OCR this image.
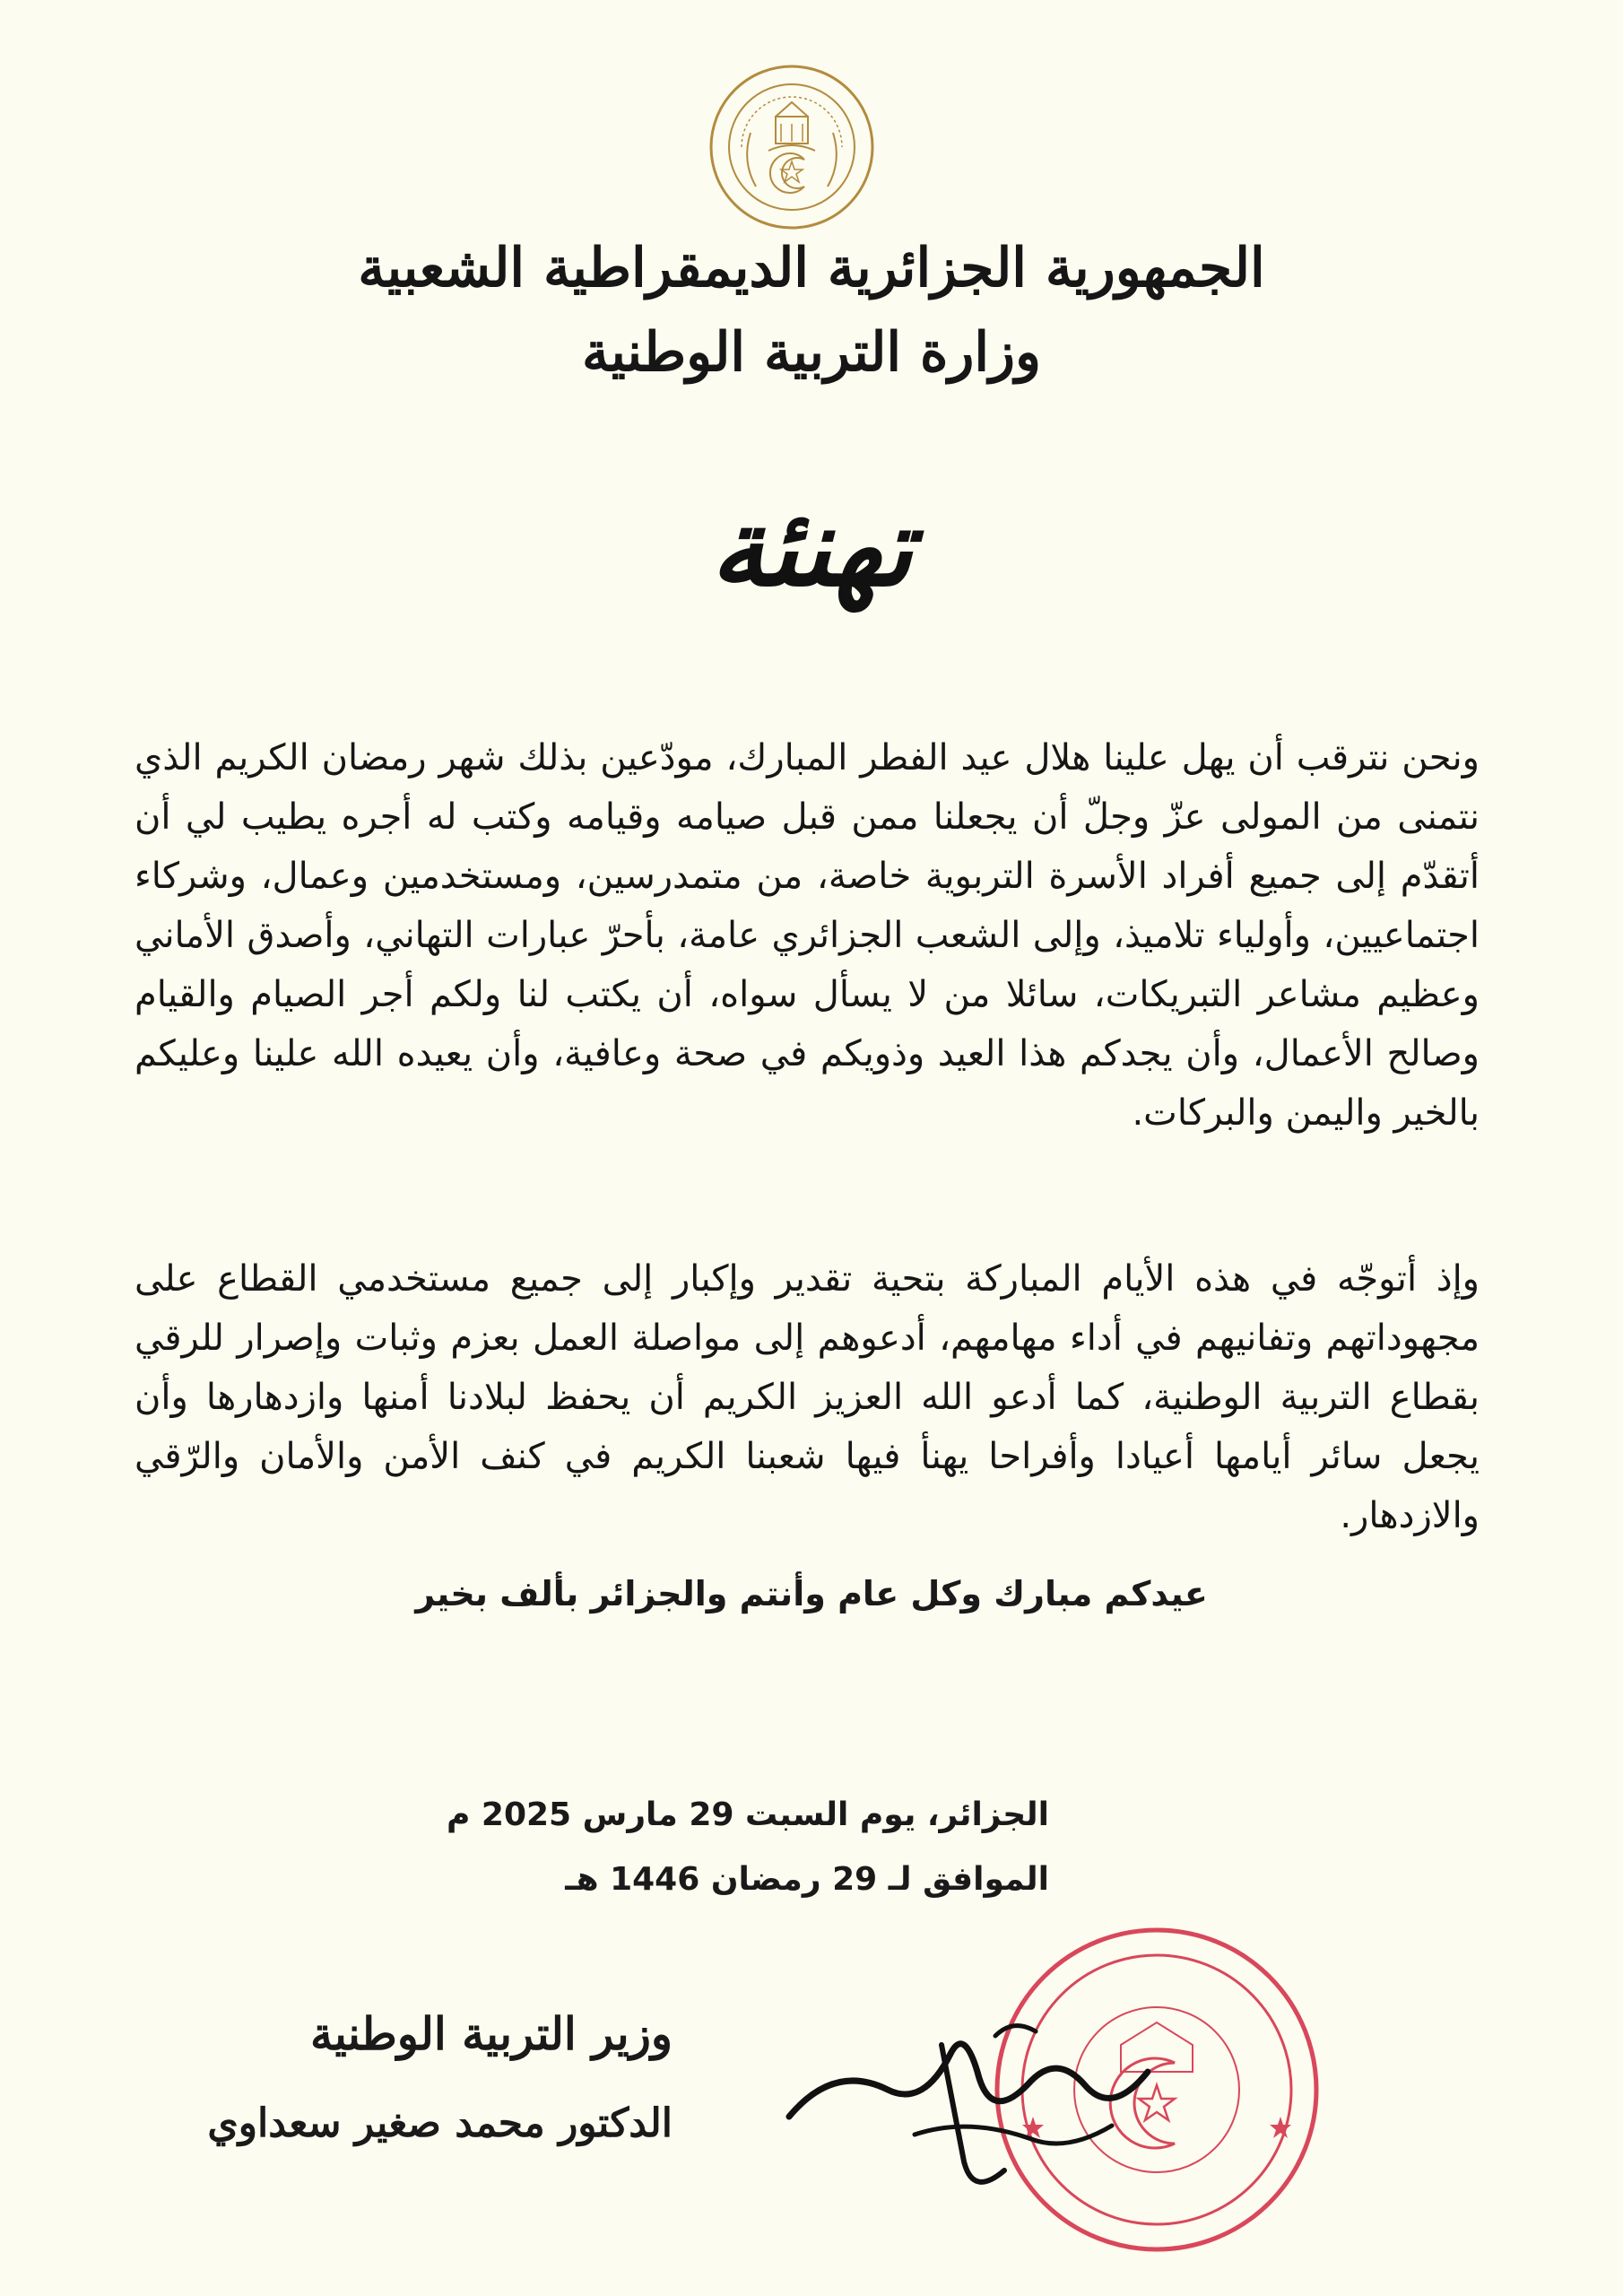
الجمهورية الجزائرية الديمقراطية الشعبية
وزارة التربية الوطنية
تهنئة
ونحن نترقب أن يهل علينا هلال عيد الفطر المبارك، مودّعين بذلك شهر رمضان الكريم الذي نتمنى من المولى عزّ وجلّ أن يجعلنا ممن قبل صيامه وقيامه وكتب له أجره يطيب لي أن أتقدّم إلى جميع أفراد الأسرة التربوية خاصة، من متمدرسين، ومستخدمين وعمال، وشركاء اجتماعيين، وأولياء تلاميذ، وإلى الشعب الجزائري عامة، بأحرّ عبارات التهاني، وأصدق الأماني وعظيم مشاعر التبريكات، سائلا من لا يسأل سواه، أن يكتب لنا ولكم أجر الصيام والقيام وصالح الأعمال، وأن يجدكم هذا العيد وذويكم في صحة وعافية، وأن يعيده الله علينا وعليكم بالخير واليمن والبركات.
وإذ أتوجّه في هذه الأيام المباركة بتحية تقدير وإكبار إلى جميع مستخدمي القطاع على مجهوداتهم وتفانيهم في أداء مهامهم، أدعوهم إلى مواصلة العمل بعزم وثبات وإصرار للرقي بقطاع التربية الوطنية، كما أدعو الله العزيز الكريم أن يحفظ لبلادنا أمنها وازدهارها وأن يجعل سائر أيامها أعيادا وأفراحا يهنأ فيها شعبنا الكريم في كنف الأمن والأمان والرّقي والازدهار.
عيدكم مبارك وكل عام وأنتم والجزائر بألف بخير
الجزائر، يوم السبت 29 مارس 2025 م
الموافق لـ 29 رمضان 1446 هـ
وزير التربية الوطنية
الدكتور محمد صغير سعداوي
